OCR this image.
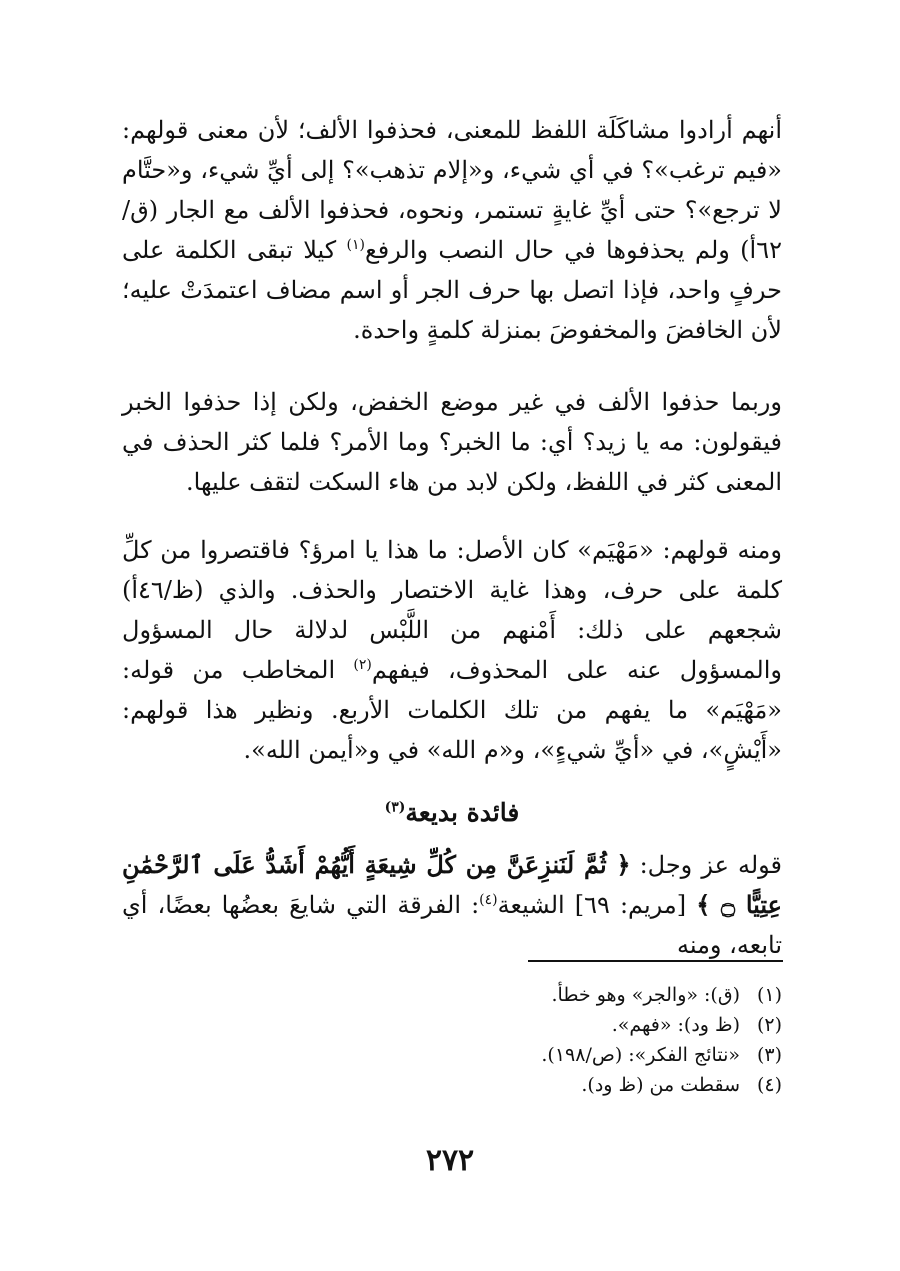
أنهم أرادوا مشاكَلَة اللفظ للمعنى، فحذفوا الألف؛ لأن معنى قولهم: «فيم ترغب»؟ في أي شيء، و«إلام تذهب»؟ إلى أيِّ شيء، و«حتَّام لا ترجع»؟ حتى أيِّ غايةٍ تستمر، ونحوه، فحذفوا الألف مع الجار (ق/٦٢أ) ولم يحذفوها في حال النصب والرفع$^{(١)}$ كيلا تبقى الكلمة على حرفٍ واحد، فإذا اتصل بها حرف الجر أو اسم مضاف اعتمدَتْ عليه؛ لأن الخافضَ والمخفوضَ بمنزلة كلمةٍ واحدة.

وربما حذفوا الألف في غير موضع الخفض، ولكن إذا حذفوا الخبر فيقولون: مه يا زيد؟ أي: ما الخبر؟ وما الأمر؟ فلما كثر الحذف في المعنى كثر في اللفظ، ولكن لابد من هاء السكت لتقف عليها.

ومنه قولهم: «مَهْيَم» كان الأصل: ما هذا يا امرؤ؟ فاقتصروا من كلِّ كلمة على حرف، وهذا غاية الاختصار والحذف. والذي (ظ/٤٦أ) شجعهم على ذلك: أَمْنهم من اللَّبْس لدلالة حال المسؤول والمسؤول عنه على المحذوف، فيفهم$^{(٢)}$ المخاطب من قوله: «مَهْيَم» ما يفهم من تلك الكلمات الأربع. ونظير هذا قولهم: «أَيْشٍ»، في «أيِّ شيءٍ»، و«م الله» في و«أيمن الله».

فائدة بديعة$^{(٣)}$

قوله عز وجل: ﴿ ثُمَّ لَنَنزِعَنَّ مِن كُلِّ شِيعَةٍ أَيُّهُمْ أَشَدُّ عَلَى ٱلرَّحْمَٰنِ عِتِيًّا ۝ ﴾ [مريم: ٦٩] الشيعة$^{(٤)}$: الفرقة التي شايعَ بعضُها بعضًا، أي تابعه، ومنه

(١)
(ق): «والجر» وهو خطأ.
(٢)
(ظ ود): «فهم».
(٣)
«نتائج الفكر»: (ص/١٩٨).
(٤)
سقطت من (ظ ود).
٢٧٢
